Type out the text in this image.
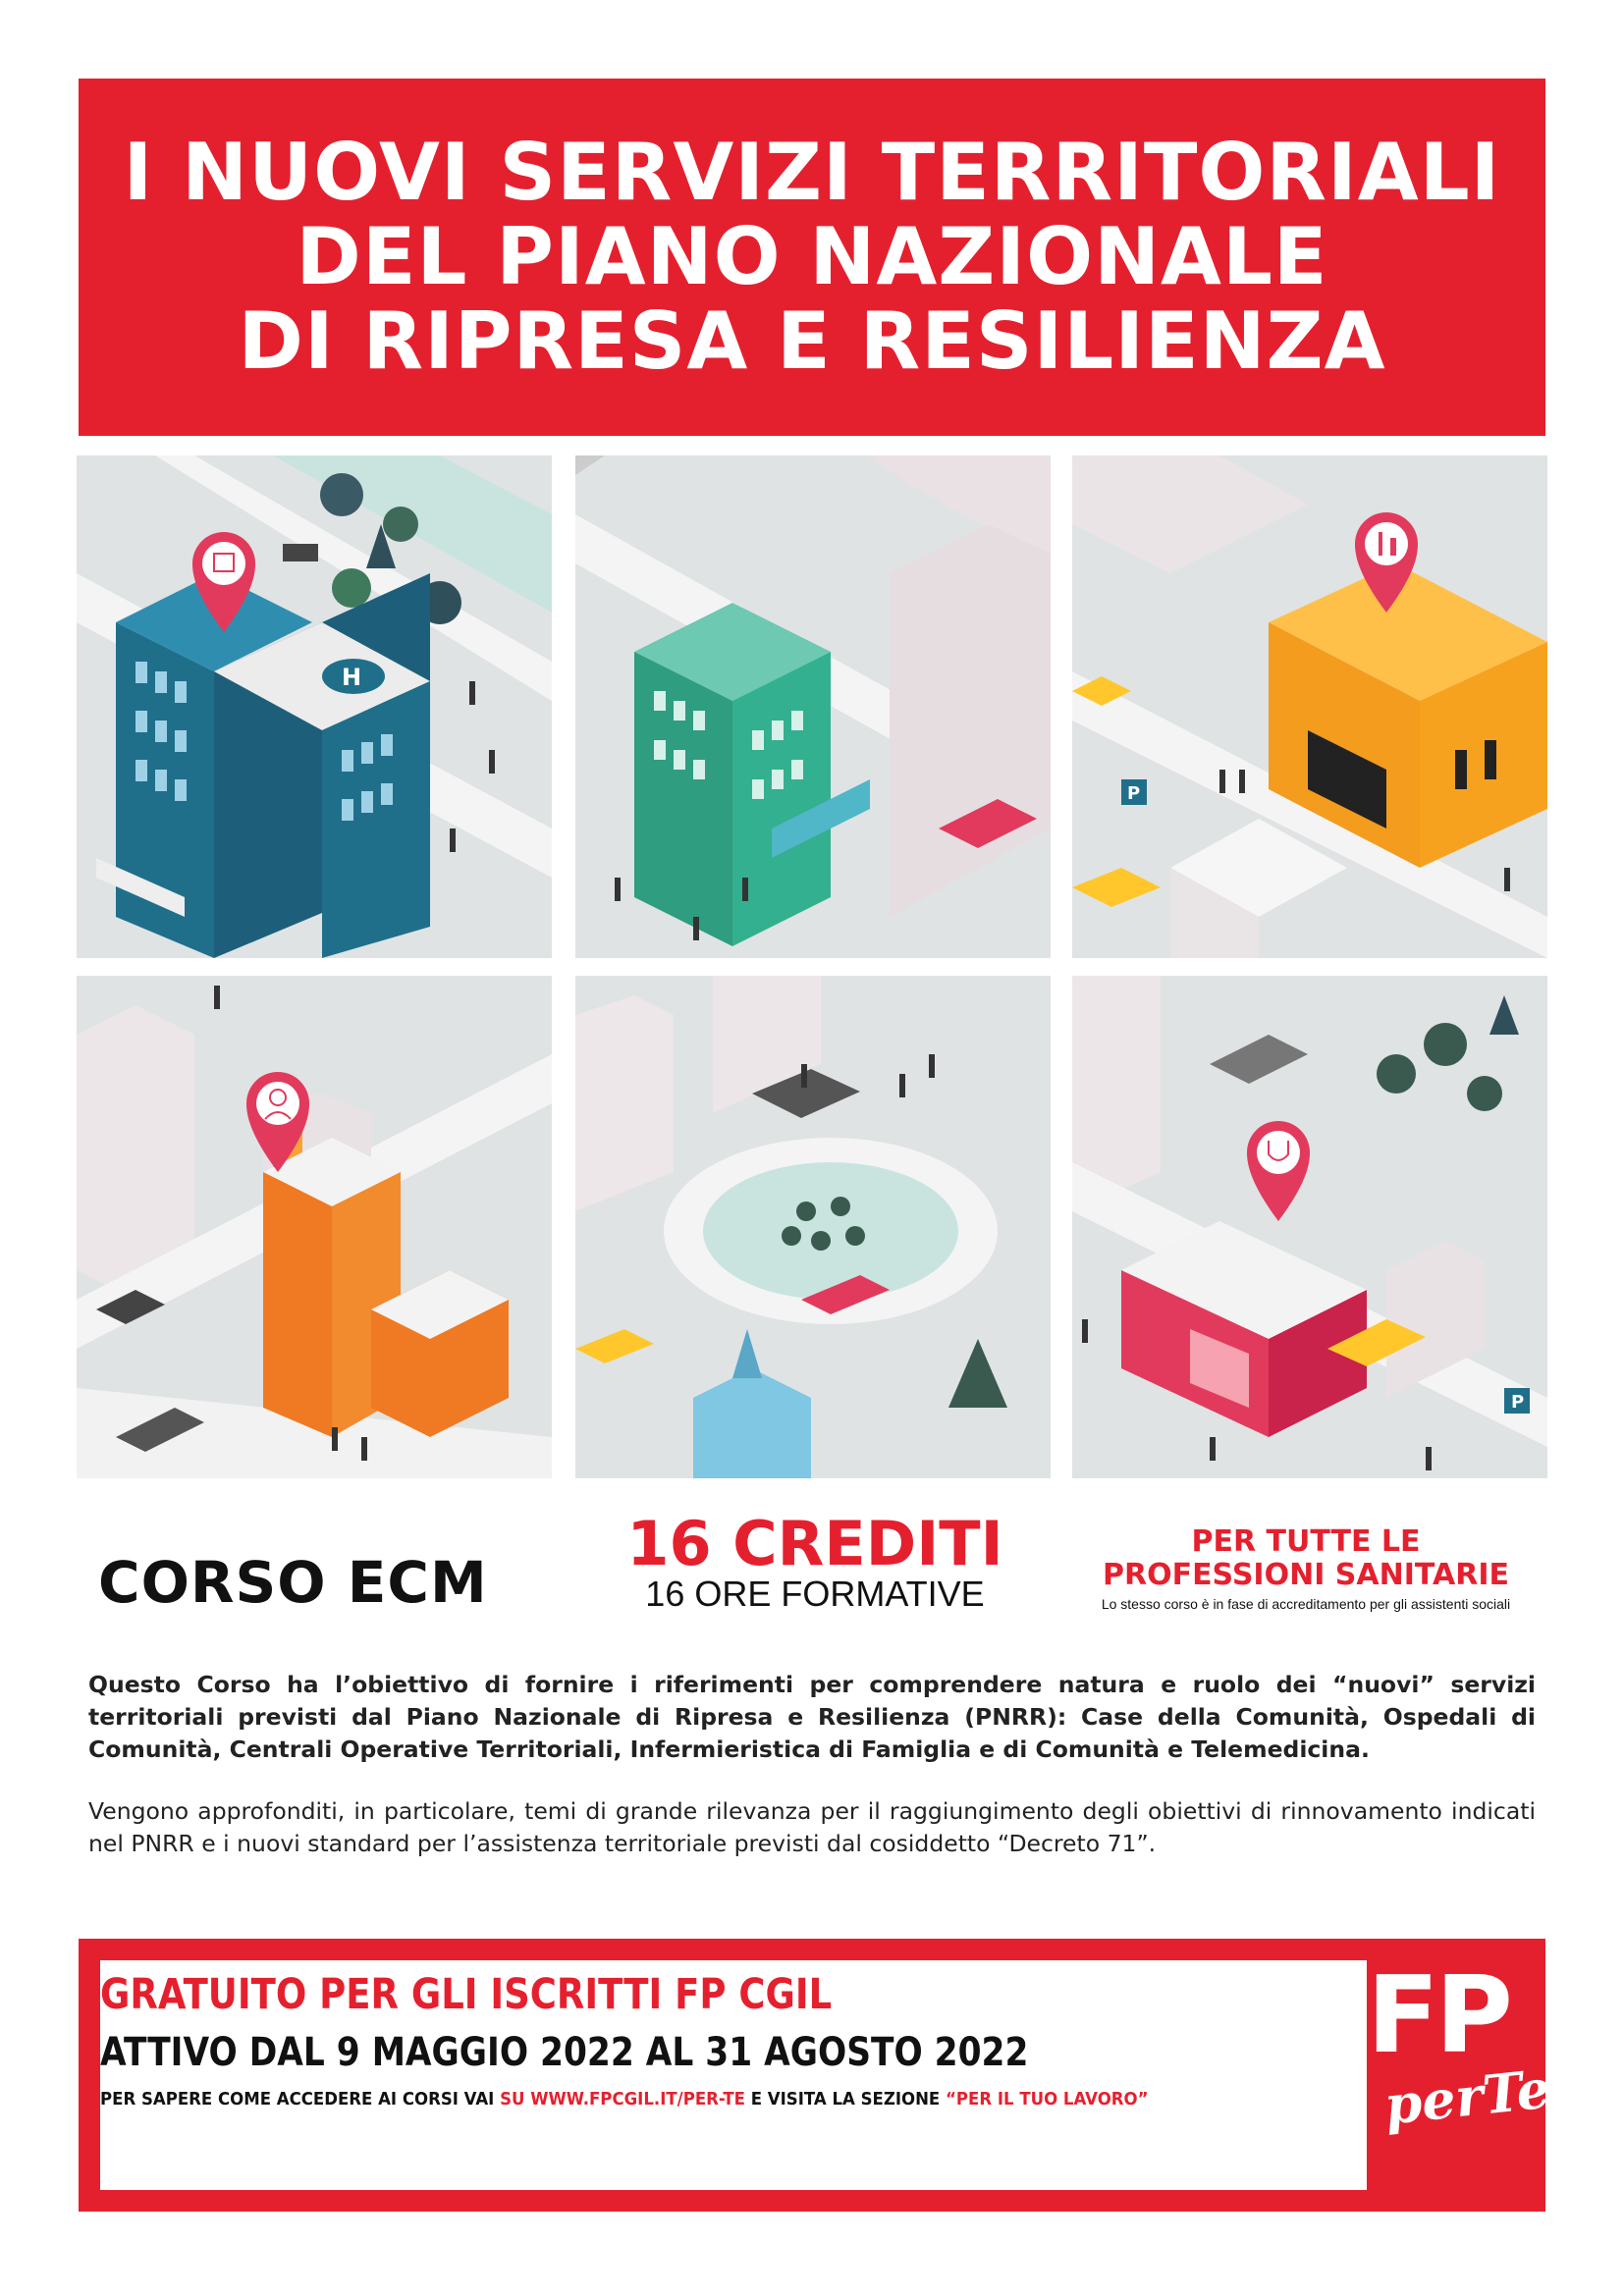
I NUOVI SERVIZI TERRITORIALI
DEL PIANO NAZIONALE
DI RIPRESA E RESILIENZA
H
P
P
CORSO ECM
16 CREDITI
16 ORE FORMATIVE
PER TUTTE LE
PROFESSIONI SANITARIE
Lo stesso corso è in fase di accreditamento per gli assistenti sociali

Questo Corso ha l’obiettivo di fornire i riferimenti per comprendere natura e ruolo dei “nuovi” servizi territoriali previsti dal Piano Nazionale di Ripresa e Resilienza (PNRR): Case della Comunità, Ospedali di Comunità, Centrali Operative Territoriali, Infermieristica di Famiglia e di Comunità e Telemedicina.

Vengono approfonditi, in particolare, temi di grande rilevanza per il raggiungimento degli obiettivi di rinnovamento indicati nel PNRR e i nuovi standard per l’assistenza territoriale previsti dal cosiddetto “Decreto 71”.

GRATUITO PER GLI ISCRITTI FP CGIL
ATTIVO DAL 9 MAGGIO 2022 AL 31 AGOSTO 2022
PER SAPERE COME ACCEDERE AI CORSI VAI SU WWW.FPCGIL.IT/PER-TE E VISITA LA SEZIONE “PER IL TUO LAVORO”
FP
perTe
